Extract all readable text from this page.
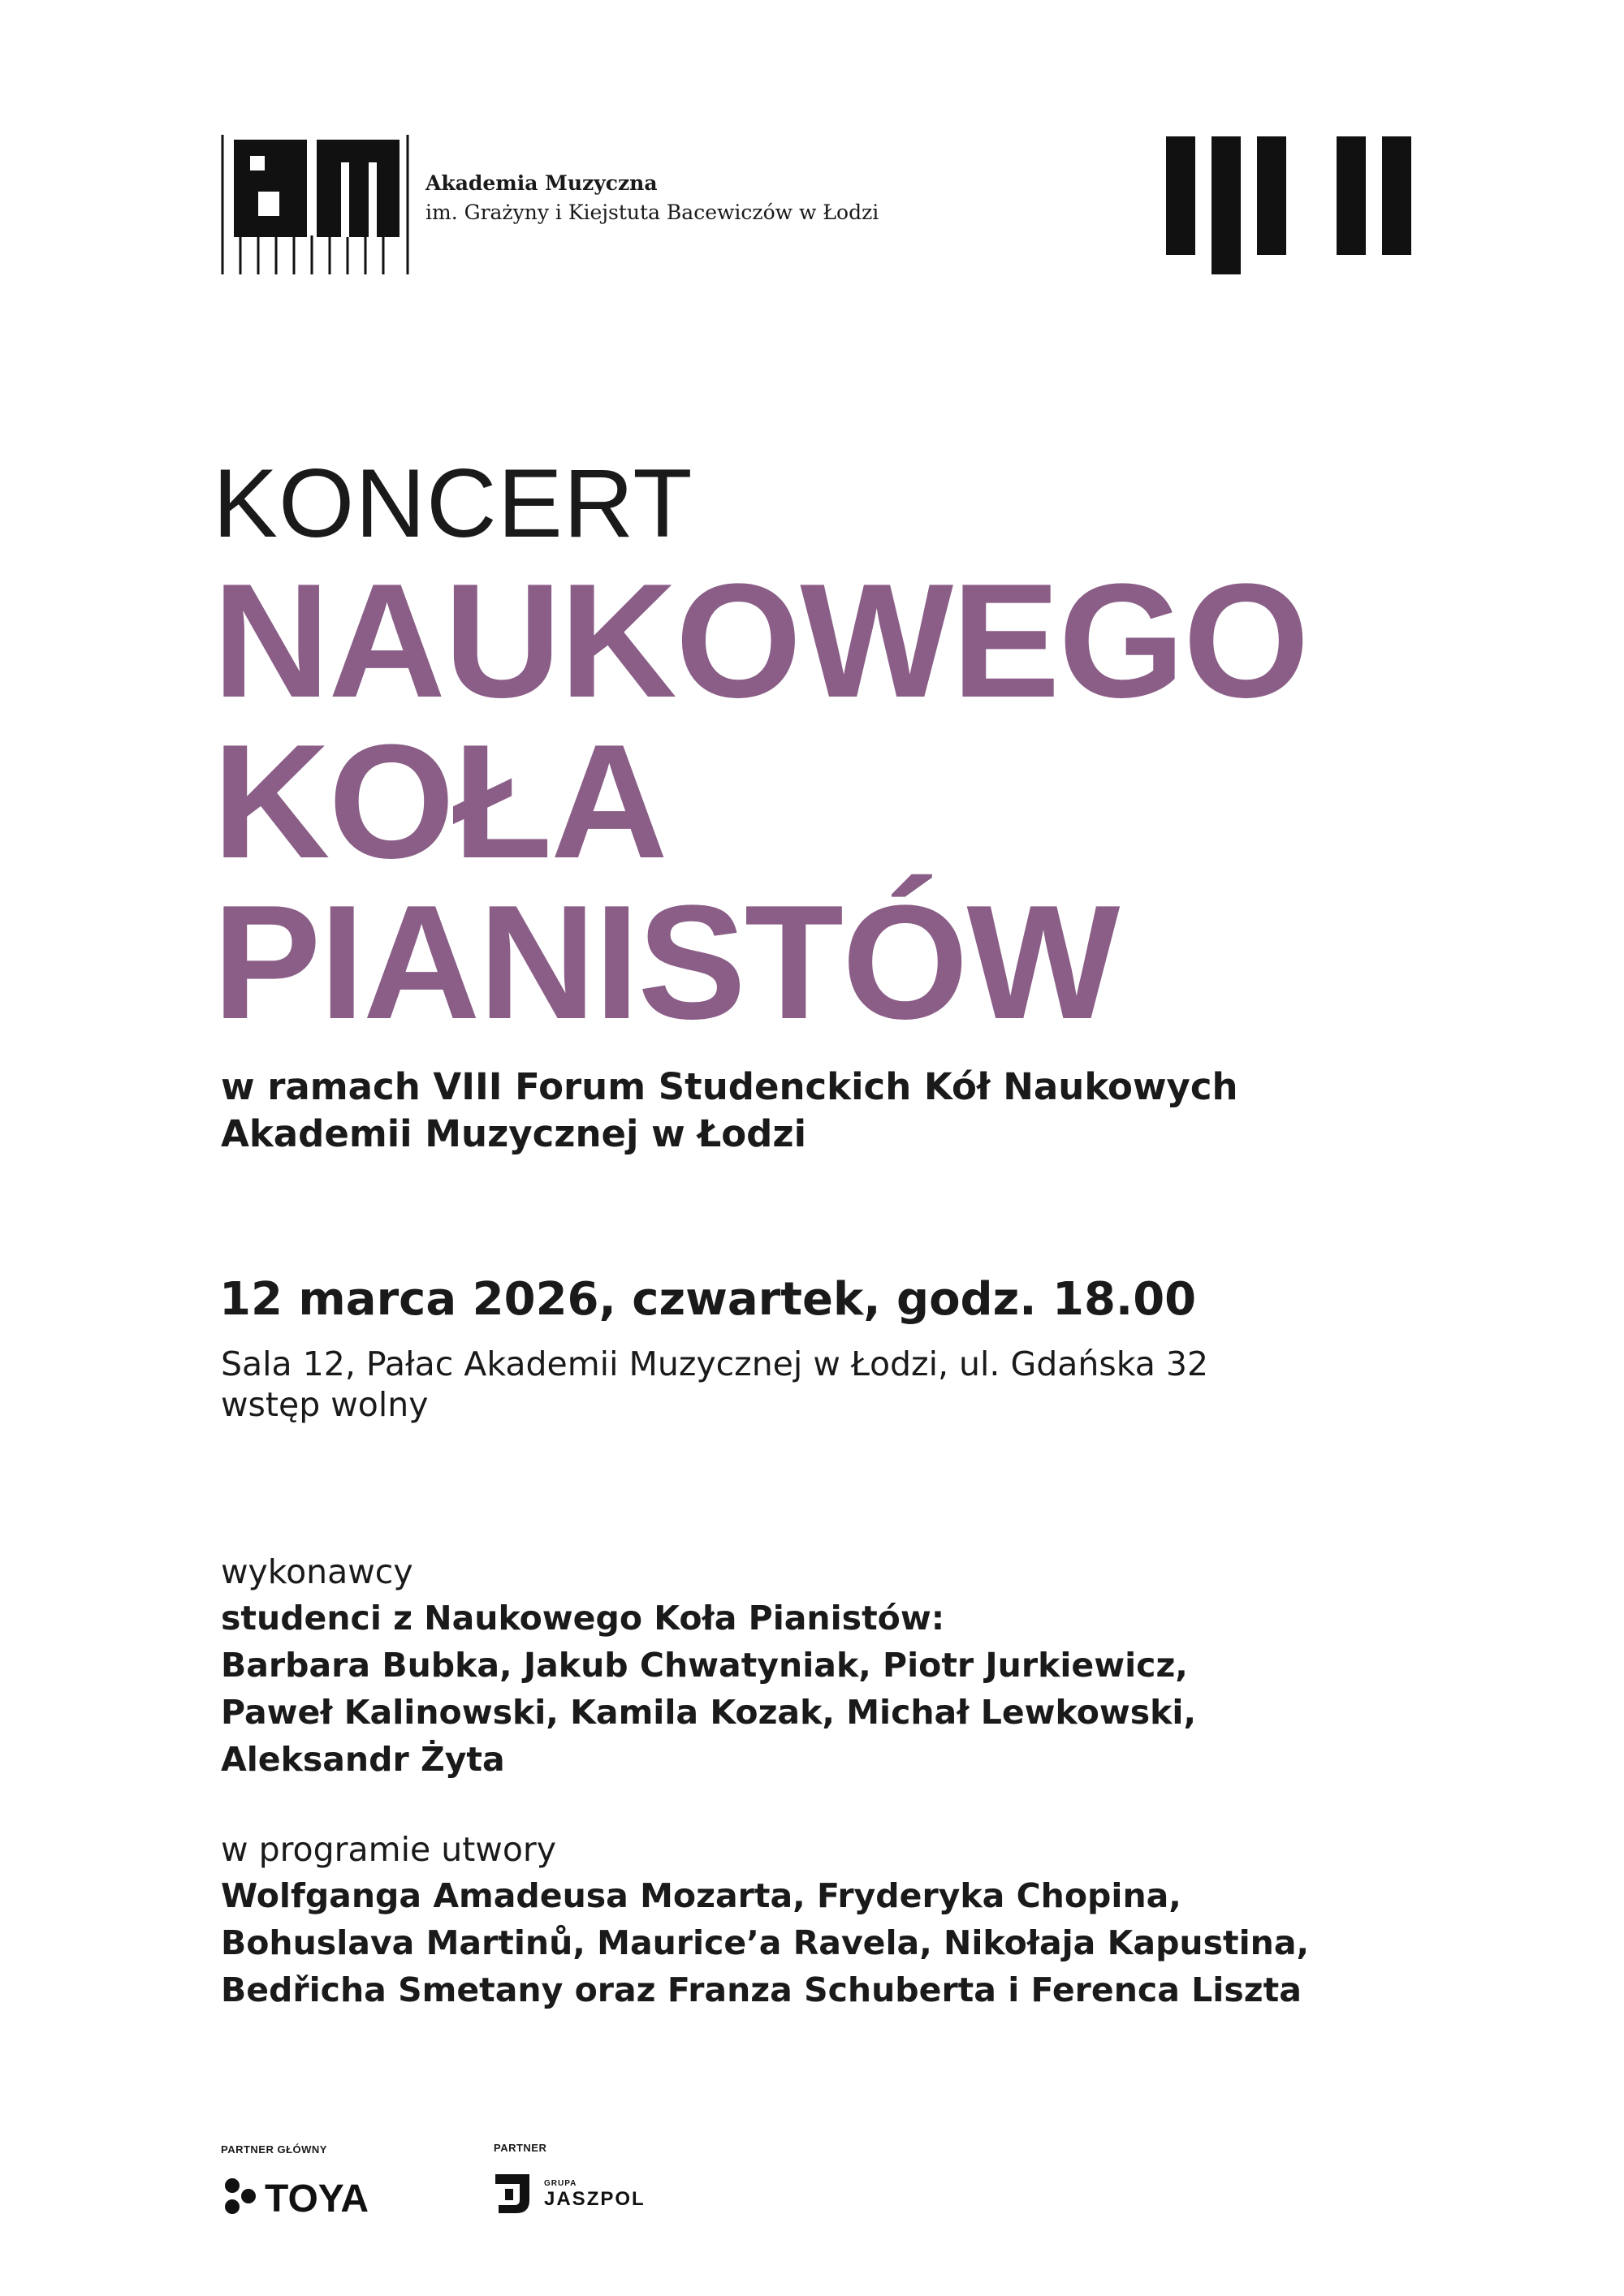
Akademia Muzyczna
im. Grażyny i Kiejstuta Bacewiczów w Łodzi
KONCERT
NAUKOWEGO
KOŁA
PIANISTÓW
w ramach VIII Forum Studenckich Kół Naukowych
Akademii Muzycznej w Łodzi
12 marca 2026, czwartek, godz. 18.00
Sala 12, Pałac Akademii Muzycznej w Łodzi, ul. Gdańska 32
wstęp wolny
wykonawcy
studenci z Naukowego Koła Pianistów:
Barbara Bubka, Jakub Chwatyniak, Piotr Jurkiewicz,
Paweł Kalinowski, Kamila Kozak, Michał Lewkowski,
Aleksandr Żyta
w programie utwory
Wolfganga Amadeusa Mozarta, Fryderyka Chopina,
Bohuslava Martinů, Maurice’a Ravela, Nikołaja Kapustina,
Bedřicha Smetany oraz Franza Schuberta i Ferenca Liszta
PARTNER GŁÓWNY
TOYA
PARTNER
GRUPA
JASZPOL
